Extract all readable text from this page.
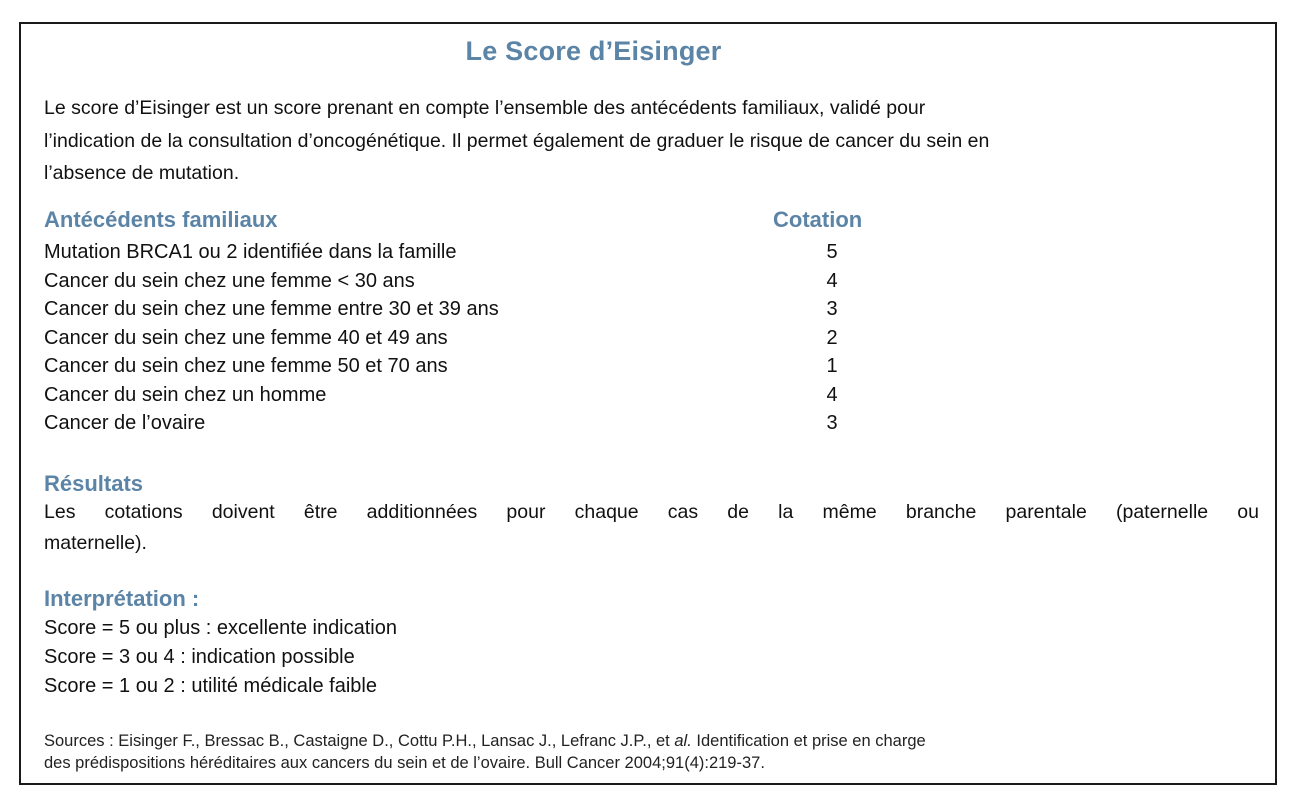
Le Score d’Eisinger
Le score d’Eisinger est un score prenant en compte l’ensemble des antécédents familiaux, validé pour
l’indication de la consultation d’oncogénétique. Il permet également de graduer le risque de cancer du sein en
l’absence de mutation.
Antécédents familiaux	Cotation
Mutation BRCA1 ou 2 identifiée dans la famille	5
Cancer du sein chez une femme < 30 ans	4
Cancer du sein chez une femme entre 30 et 39 ans	3
Cancer du sein chez une femme 40 et 49 ans	2
Cancer du sein chez une femme 50 et 70 ans	1
Cancer du sein chez un homme	4
Cancer de l’ovaire	3
Résultats
Les cotations doivent être additionnées pour chaque cas de la même branche parentale (paternelle ou
maternelle).
Interprétation :
Score = 5 ou plus : excellente indication
Score = 3 ou 4 : indication possible
Score = 1 ou 2 : utilité médicale faible
Sources : Eisinger F., Bressac B., Castaigne D., Cottu P.H., Lansac J., Lefranc J.P., et al. Identification et prise en charge
des prédispositions héréditaires aux cancers du sein et de l’ovaire. Bull Cancer 2004;91(4):219-37.
